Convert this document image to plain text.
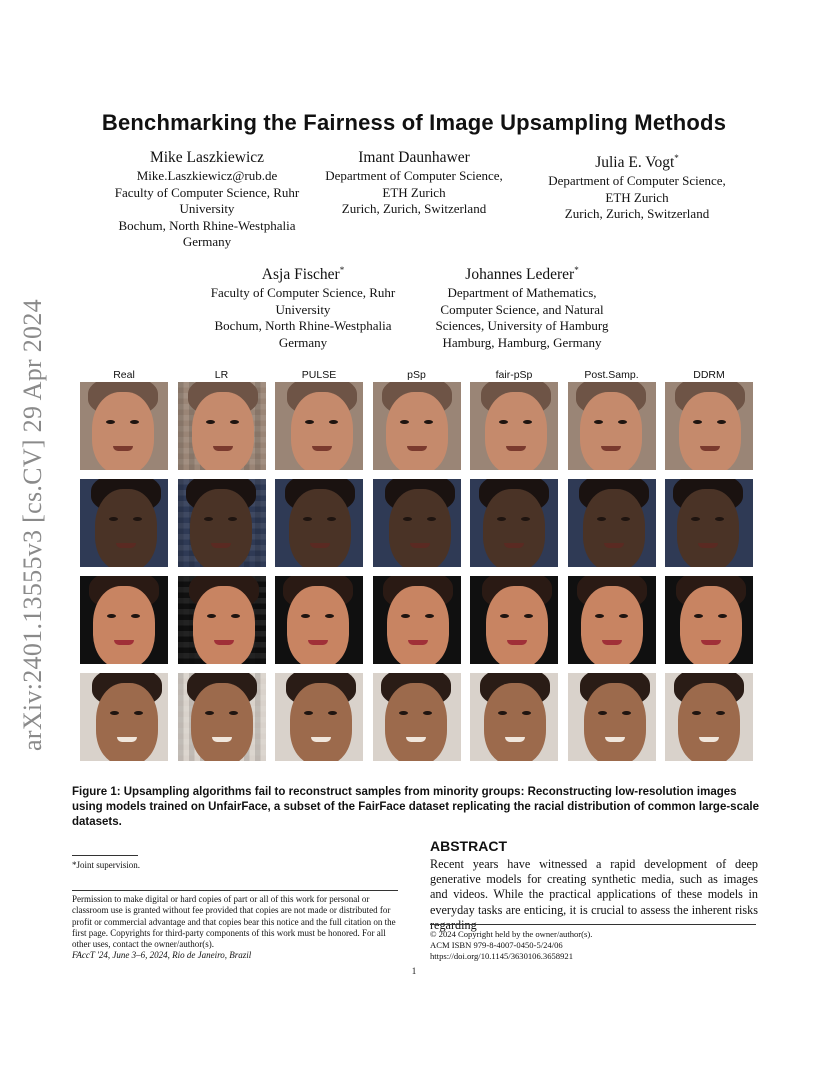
arXiv:2401.13555v3 [cs.CV] 29 Apr 2024
Benchmarking the Fairness of Image Upsampling Methods
Mike Laszkiewicz
Mike.Laszkiewicz@rub.de
Faculty of Computer Science, Ruhr
University
Bochum, North Rhine-Westphalia
Germany
Imant Daunhawer
Department of Computer Science,
ETH Zurich
Zurich, Zurich, Switzerland
Julia E. Vogt*
Department of Computer Science,
ETH Zurich
Zurich, Zurich, Switzerland
Asja Fischer*
Faculty of Computer Science, Ruhr
University
Bochum, North Rhine-Westphalia
Germany
Johannes Lederer*
Department of Mathematics,
Computer Science, and Natural
Sciences, University of Hamburg
Hamburg, Hamburg, Germany
Real	LR	PULSE	pSp	fair-pSp	Post.Samp.	DDRM
Figure 1: Upsampling algorithms fail to reconstruct samples from minority groups: Reconstructing low-resolution images using models trained on UnfairFace, a subset of the FairFace dataset replicating the racial distribution of common large-scale datasets.
*Joint supervision.
Permission to make digital or hard copies of part or all of this work for personal or classroom use is granted without fee provided that copies are not made or distributed for profit or commercial advantage and that copies bear this notice and the full citation on the first page. Copyrights for third-party components of this work must be honored. For all other uses, contact the owner/author(s).
FAccT '24, June 3–6, 2024, Rio de Janeiro, Brazil
ABSTRACT
Recent years have witnessed a rapid development of deep generative models for creating synthetic media, such as images and videos. While the practical applications of these models in everyday tasks are enticing, it is crucial to assess the inherent risks regarding
© 2024 Copyright held by the owner/author(s).
ACM ISBN 979-8-4007-0450-5/24/06
https://doi.org/10.1145/3630106.3658921
1
